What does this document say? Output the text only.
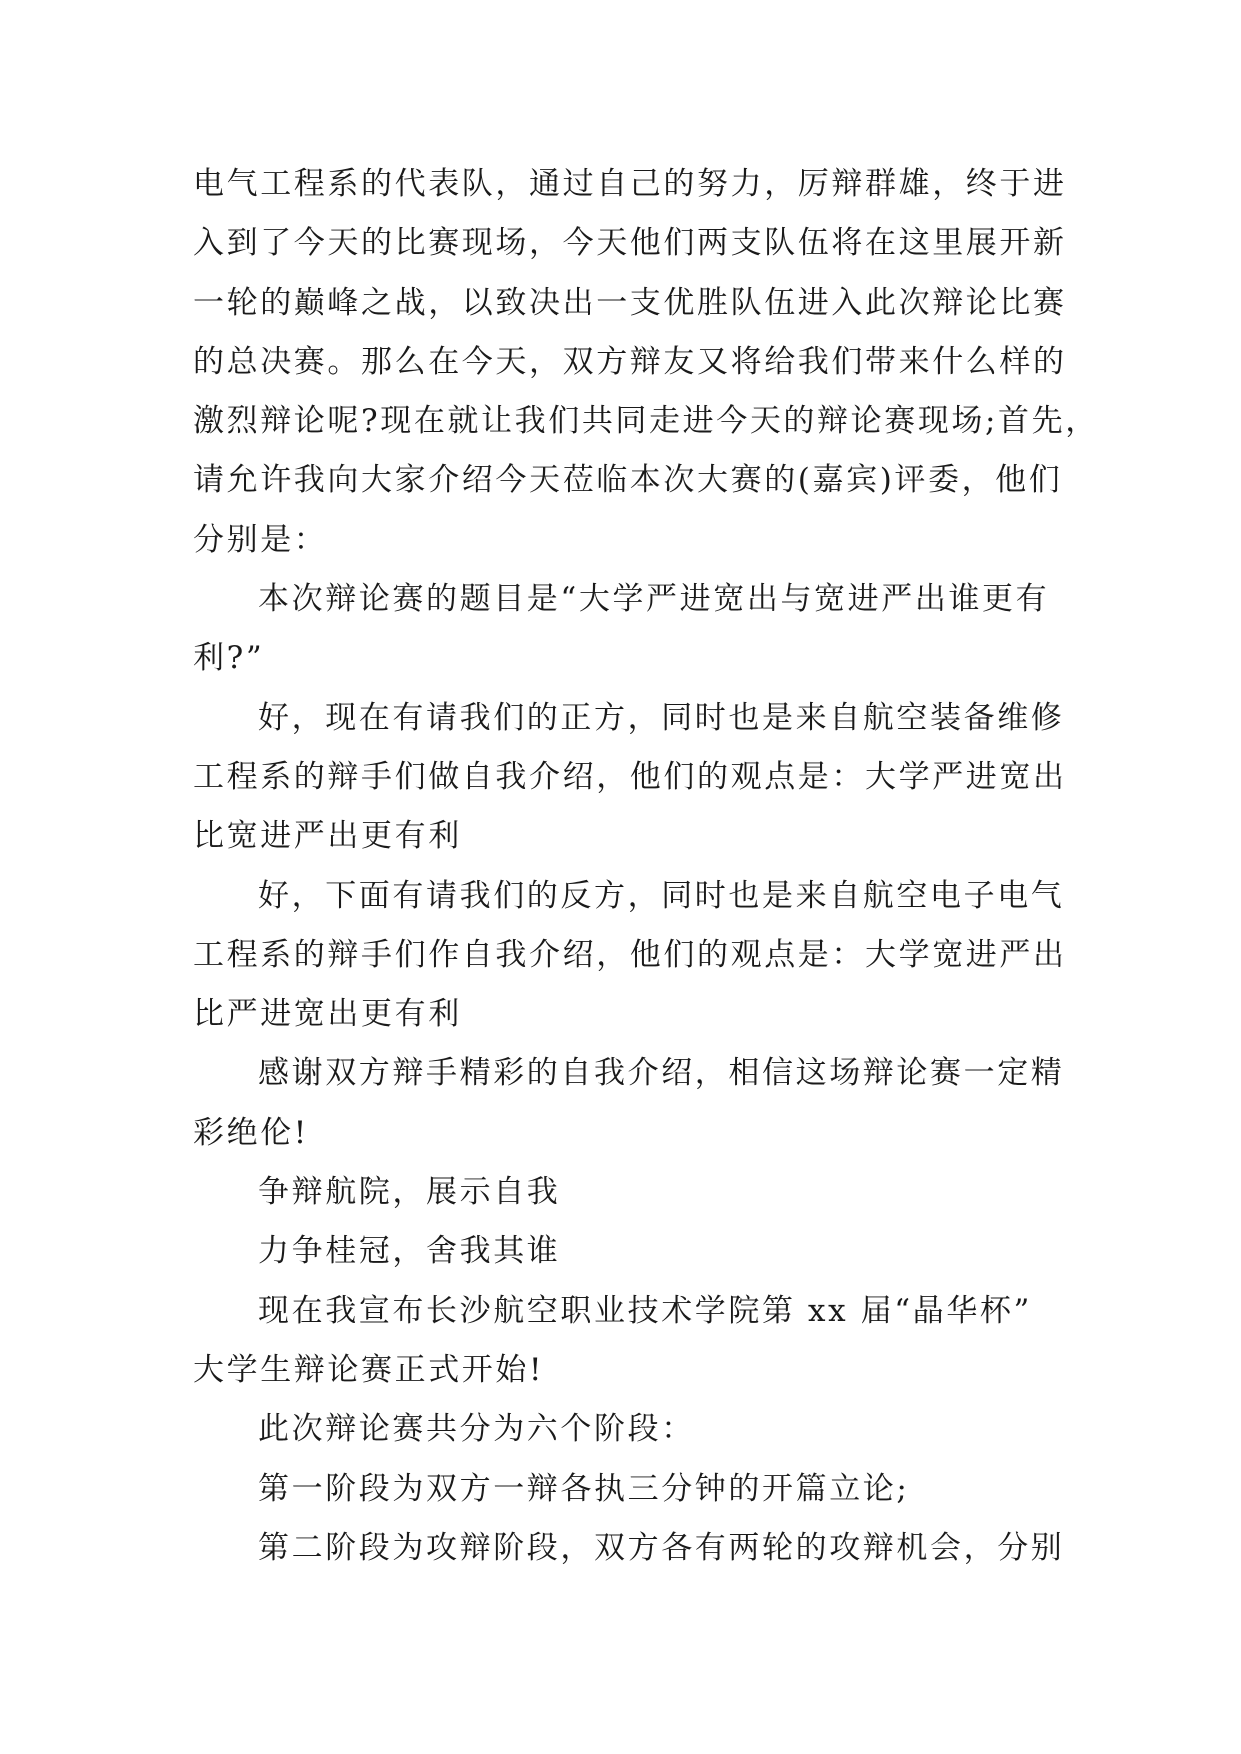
电气工程系的代表队，通过自己的努力，厉辩群雄，终于进
入到了今天的比赛现场，今天他们两支队伍将在这里展开新
一轮的巅峰之战，以致决出一支优胜队伍进入此次辩论比赛
的总决赛。那么在今天，双方辩友又将给我们带来什么样的
激烈辩论呢?现在就让我们共同走进今天的辩论赛现场;首先，
请允许我向大家介绍今天莅临本次大赛的(嘉宾)评委，他们
分别是：
本次辩论赛的题目是“大学严进宽出与宽进严出谁更有
利?”
好，现在有请我们的正方，同时也是来自航空装备维修
工程系的辩手们做自我介绍，他们的观点是：大学严进宽出
比宽进严出更有利
好，下面有请我们的反方，同时也是来自航空电子电气
工程系的辩手们作自我介绍，他们的观点是：大学宽进严出
比严进宽出更有利
感谢双方辩手精彩的自我介绍，相信这场辩论赛一定精
彩绝伦!
争辩航院，展示自我
力争桂冠，舍我其谁
现在我宣布长沙航空职业技术学院第 xx 届“晶华杯”
大学生辩论赛正式开始!
此次辩论赛共分为六个阶段：
第一阶段为双方一辩各执三分钟的开篇立论;
第二阶段为攻辩阶段，双方各有两轮的攻辩机会，分别
